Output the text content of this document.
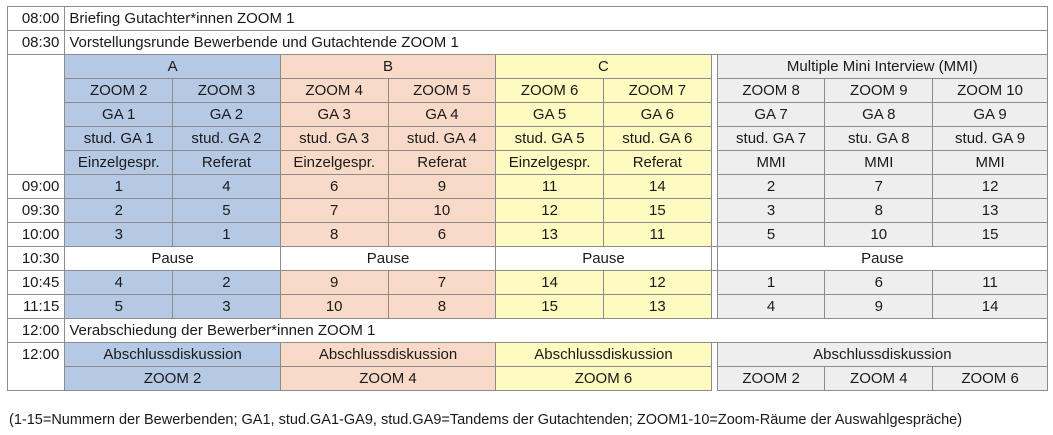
08:00	Briefing Gutachter*innen ZOOM 1									
08:30	Vorstellungsrunde Bewerbende und Gutachtende ZOOM 1									
	A		B		C			Multiple Mini Interview (MMI)		
	ZOOM 2	ZOOM 3	ZOOM 4	ZOOM 5	ZOOM 6	ZOOM 7		ZOOM 8	ZOOM 9	ZOOM 10
	GA 1	GA 2	GA 3	GA 4	GA 5	GA 6		GA 7	GA 8	GA 9
	stud. GA 1	stud. GA 2	stud. GA 3	stud. GA 4	stud. GA 5	stud. GA 6		stud. GA 7	stu. GA 8	stud. GA 9
	Einzelgespr.	Referat	Einzelgespr.	Referat	Einzelgespr.	Referat		MMI	MMI	MMI
09:00	1	4	6	9	11	14		2	7	12
09:30	2	5	7	10	12	15		3	8	13
10:00	3	1	8	6	13	11		5	10	15
10:30	Pause		Pause		Pause			Pause		
10:45	4	2	9	7	14	12		1	6	11
11:15	5	3	10	8	15	13		4	9	14
12:00	Verabschiedung der Bewerber*innen ZOOM 1									
12:00	Abschlussdiskussion		Abschlussdiskussion		Abschlussdiskussion			Abschlussdiskussion		
	ZOOM 2		ZOOM 4		ZOOM 6			ZOOM 2	ZOOM 4	ZOOM 6
(1-15=Nummern der Bewerbenden; GA1, stud.GA1-GA9, stud.GA9=Tandems der Gutachtenden; ZOOM1-10=Zoom-Räume der Auswahlgespräche)
